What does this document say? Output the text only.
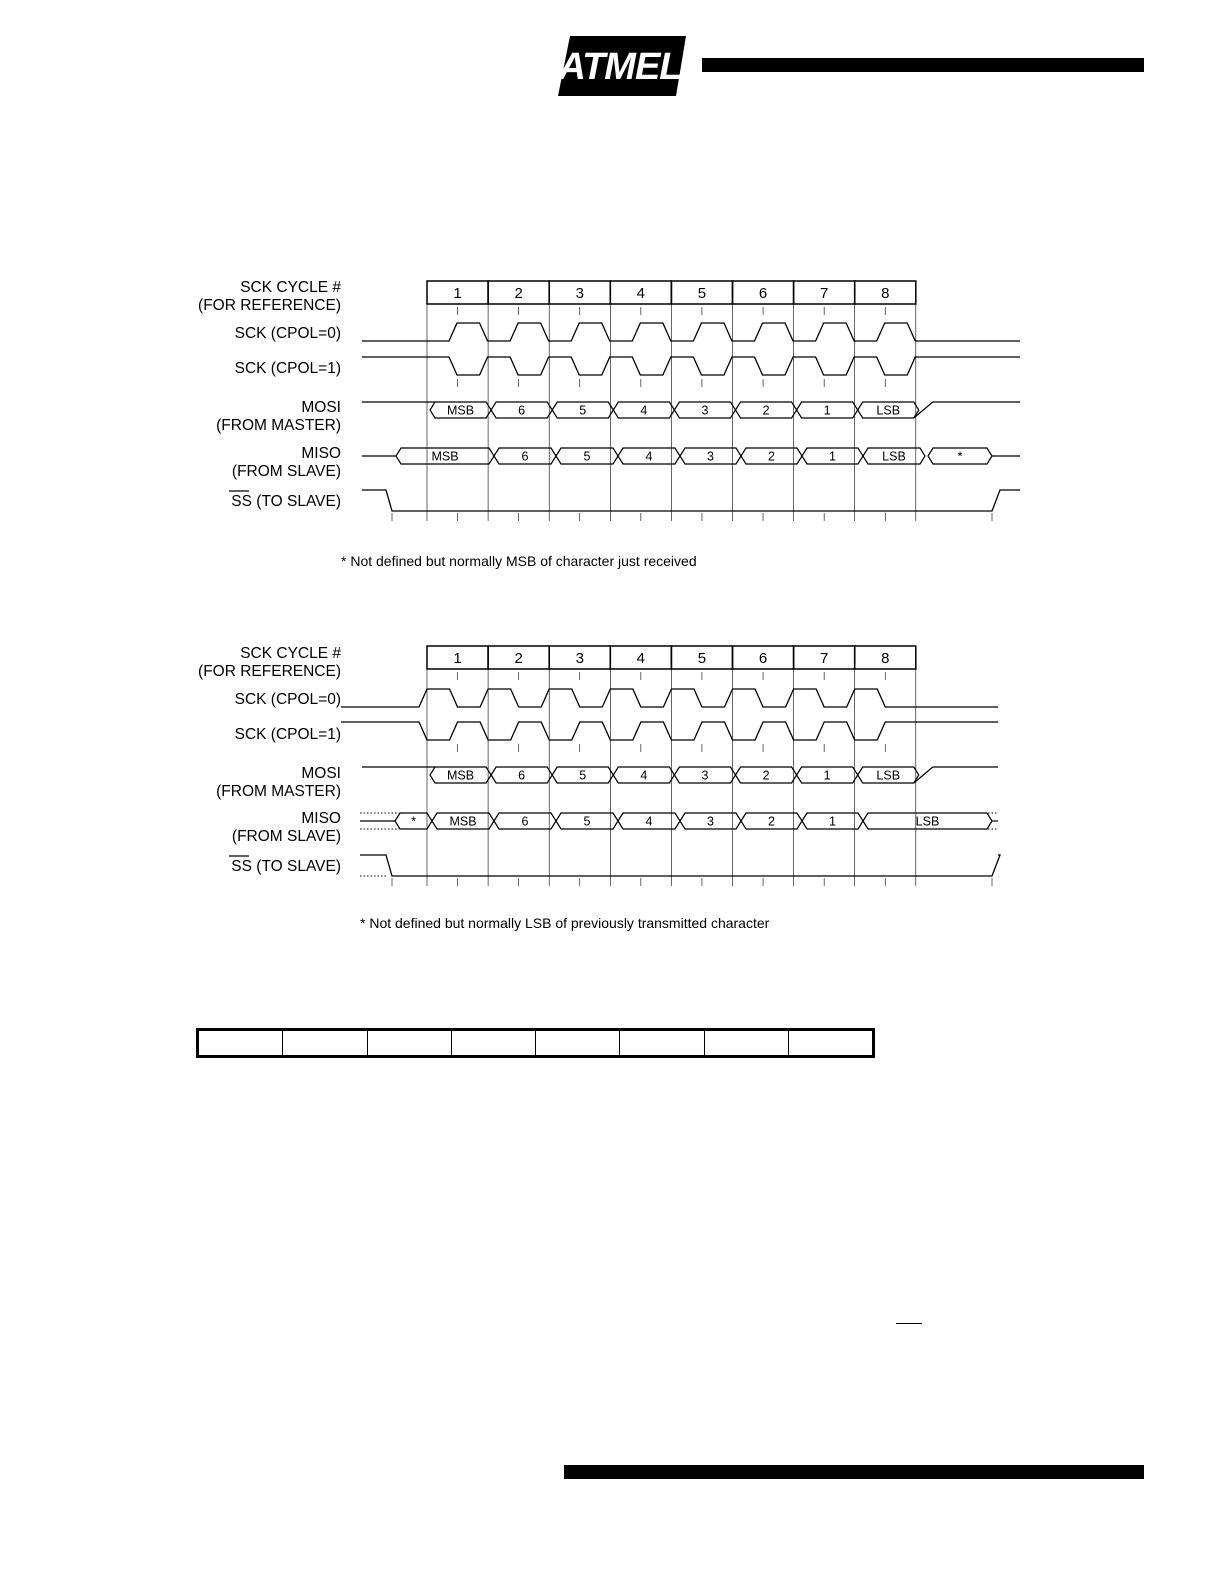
ATMEL
SCK CYCLE #
(FOR REFERENCE)
SCK (CPOL=0)
SCK (CPOL=1)
MOSI
(FROM MASTER)
MISO
(FROM SLAVE)
SS (TO SLAVE)
* Not defined but normally MSB of character just received
1	2	3	4	5	6	7	8
MSB	6	5	4	3	2	1	LSB
MSB	6	5	4	3	2	1	LSB	*
SCK CYCLE #
(FOR REFERENCE)
SCK (CPOL=0)
SCK (CPOL=1)
MOSI
(FROM MASTER)
MISO
(FROM SLAVE)
SS (TO SLAVE)
* Not defined but normally LSB of previously transmitted character
1	2	3	4	5	6	7	8
MSB	6	5	4	3	2	1	LSB
*	MSB	6	5	4	3	2	1	LSB
